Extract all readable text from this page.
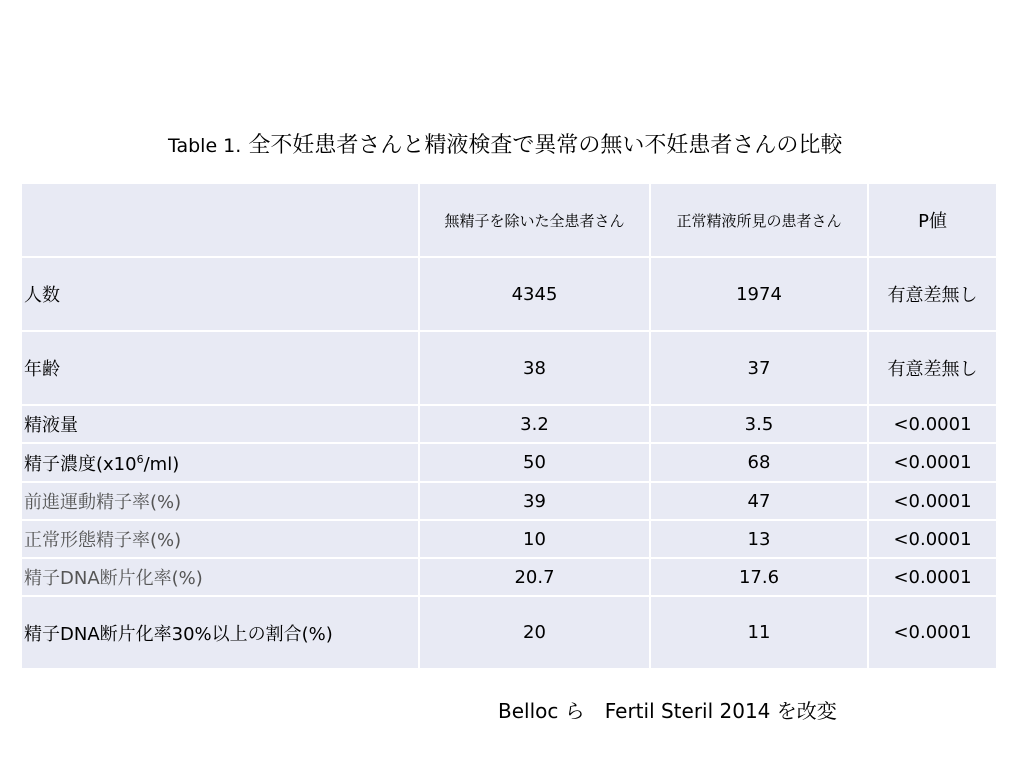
Table 1. 全不妊患者さんと精液検査で異常の無い不妊患者さんの比較
	無精子を除いた全患者さん	正常精液所見の患者さん	P値
人数	4345	1974	有意差無し
年齢	38	37	有意差無し
精液量	3.2	3.5	<0.0001
精子濃度$(x10^6/ml)$	50	68	<0.0001
前進運動精子率(%)	39	47	<0.0001
正常形態精子率(%)	10	13	<0.0001
精子DNA断片化率(%)	20.7	17.6	<0.0001
精子DNA断片化率30%以上の割合(%)	20	11	<0.0001
Belloc ら　Fertil Steril 2014 を改変
